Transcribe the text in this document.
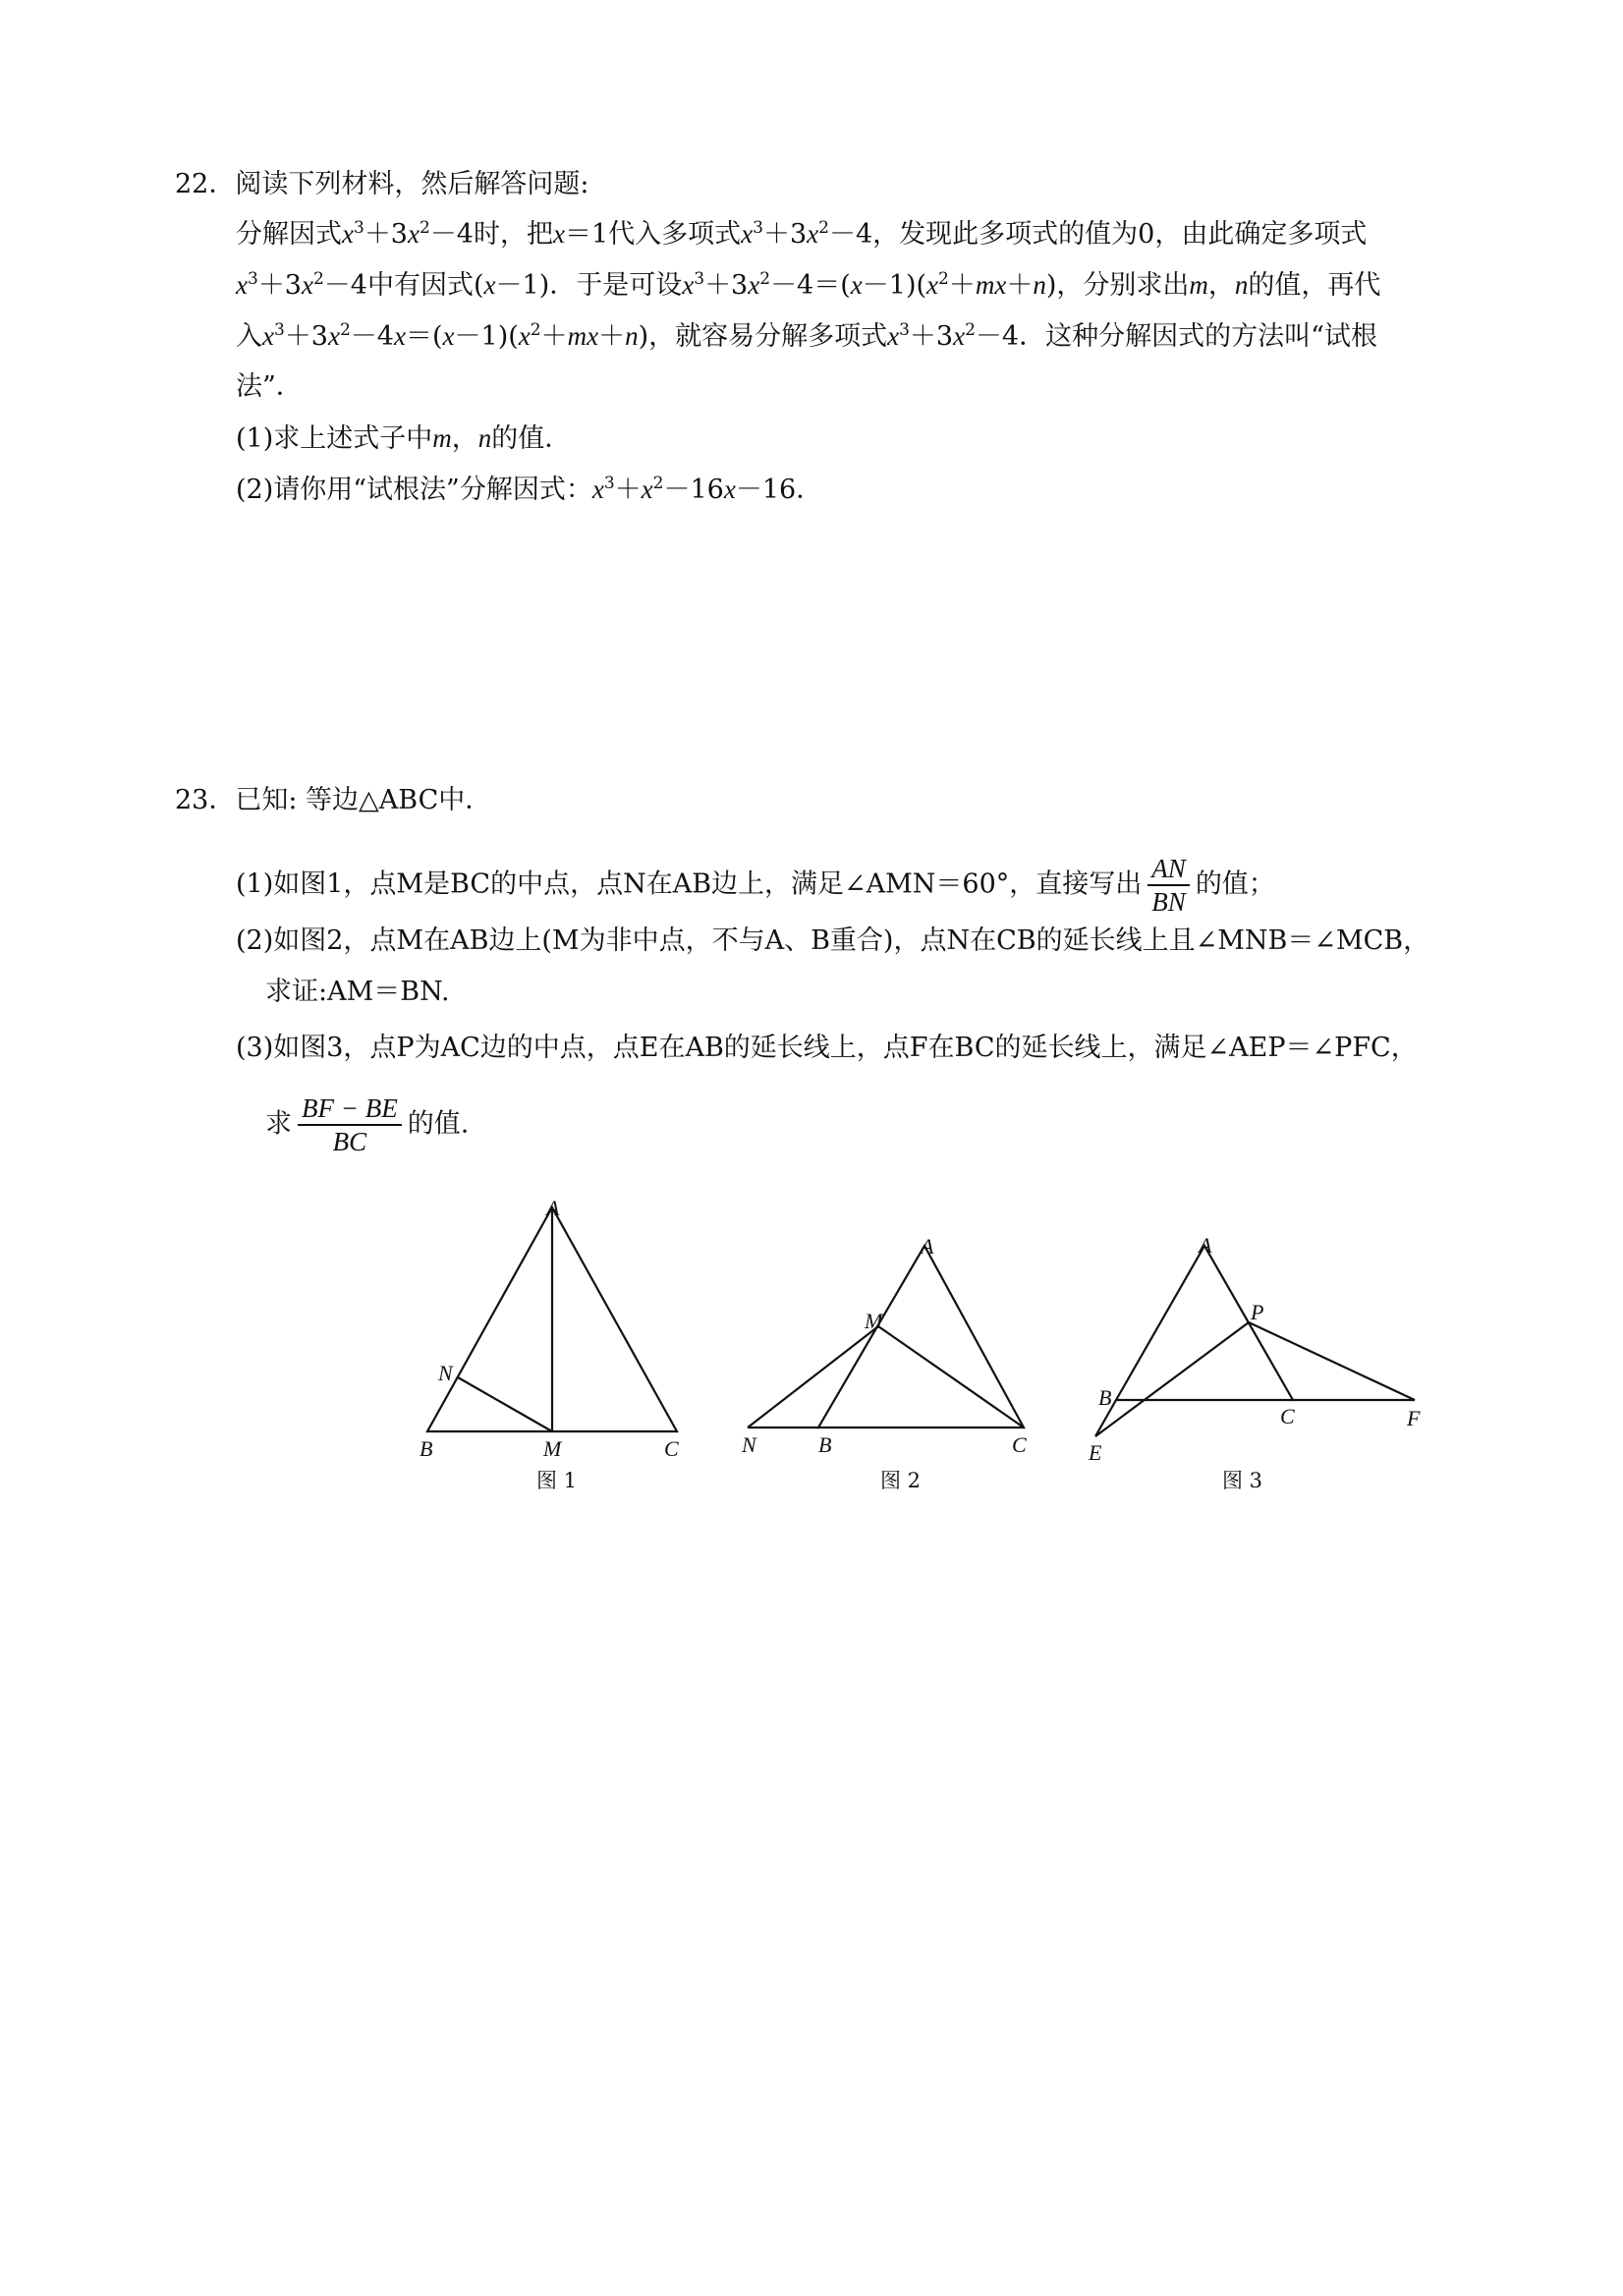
22．阅读下列材料，然后解答问题:
分解因式$x^3+3x^2-4$时，把x＝1代入多项式$x^3+3x^2-4$，发现此多项式的值为0，由此确定多项式
$x^3+3x^2-4$中有因式(x－1)．于是可设$x^3+3x^2-4=(x-1)(x^2+mx+n)$，分别求出m，n的值，再代
入$x^3+3x^2-4x=(x-1)(x^2+mx+n)$，就容易分解多项式$x^3+3x^2-4$．这种分解因式的方法叫“试根
法”．
(1)求上述式子中m，n的值．
(2)请你用“试根法”分解因式：$x^3+x^2-16x-16$．
23．已知: 等边△ABC中．
(1)如图1，点M是BC的中点，点N在AB边上，满足∠AMN＝60°，直接写出 $\frac{AN}{BN}$ 的值；
(2)如图2，点M在AB边上(M为非中点，不与A、B重合)，点N在CB的延长线上且∠MNB＝∠MCB，
求证:AM＝BN.
(3)如图3，点P为AC边的中点，点E在AB的延长线上，点F在BC的延长线上，满足∠AEP＝∠PFC，
求 $\frac{BF - BE}{BC}$ 的值.
A
N
B	M	C
A
M
N	B	C
A
P
B
C	F
E
图 1	图 2	图 3
